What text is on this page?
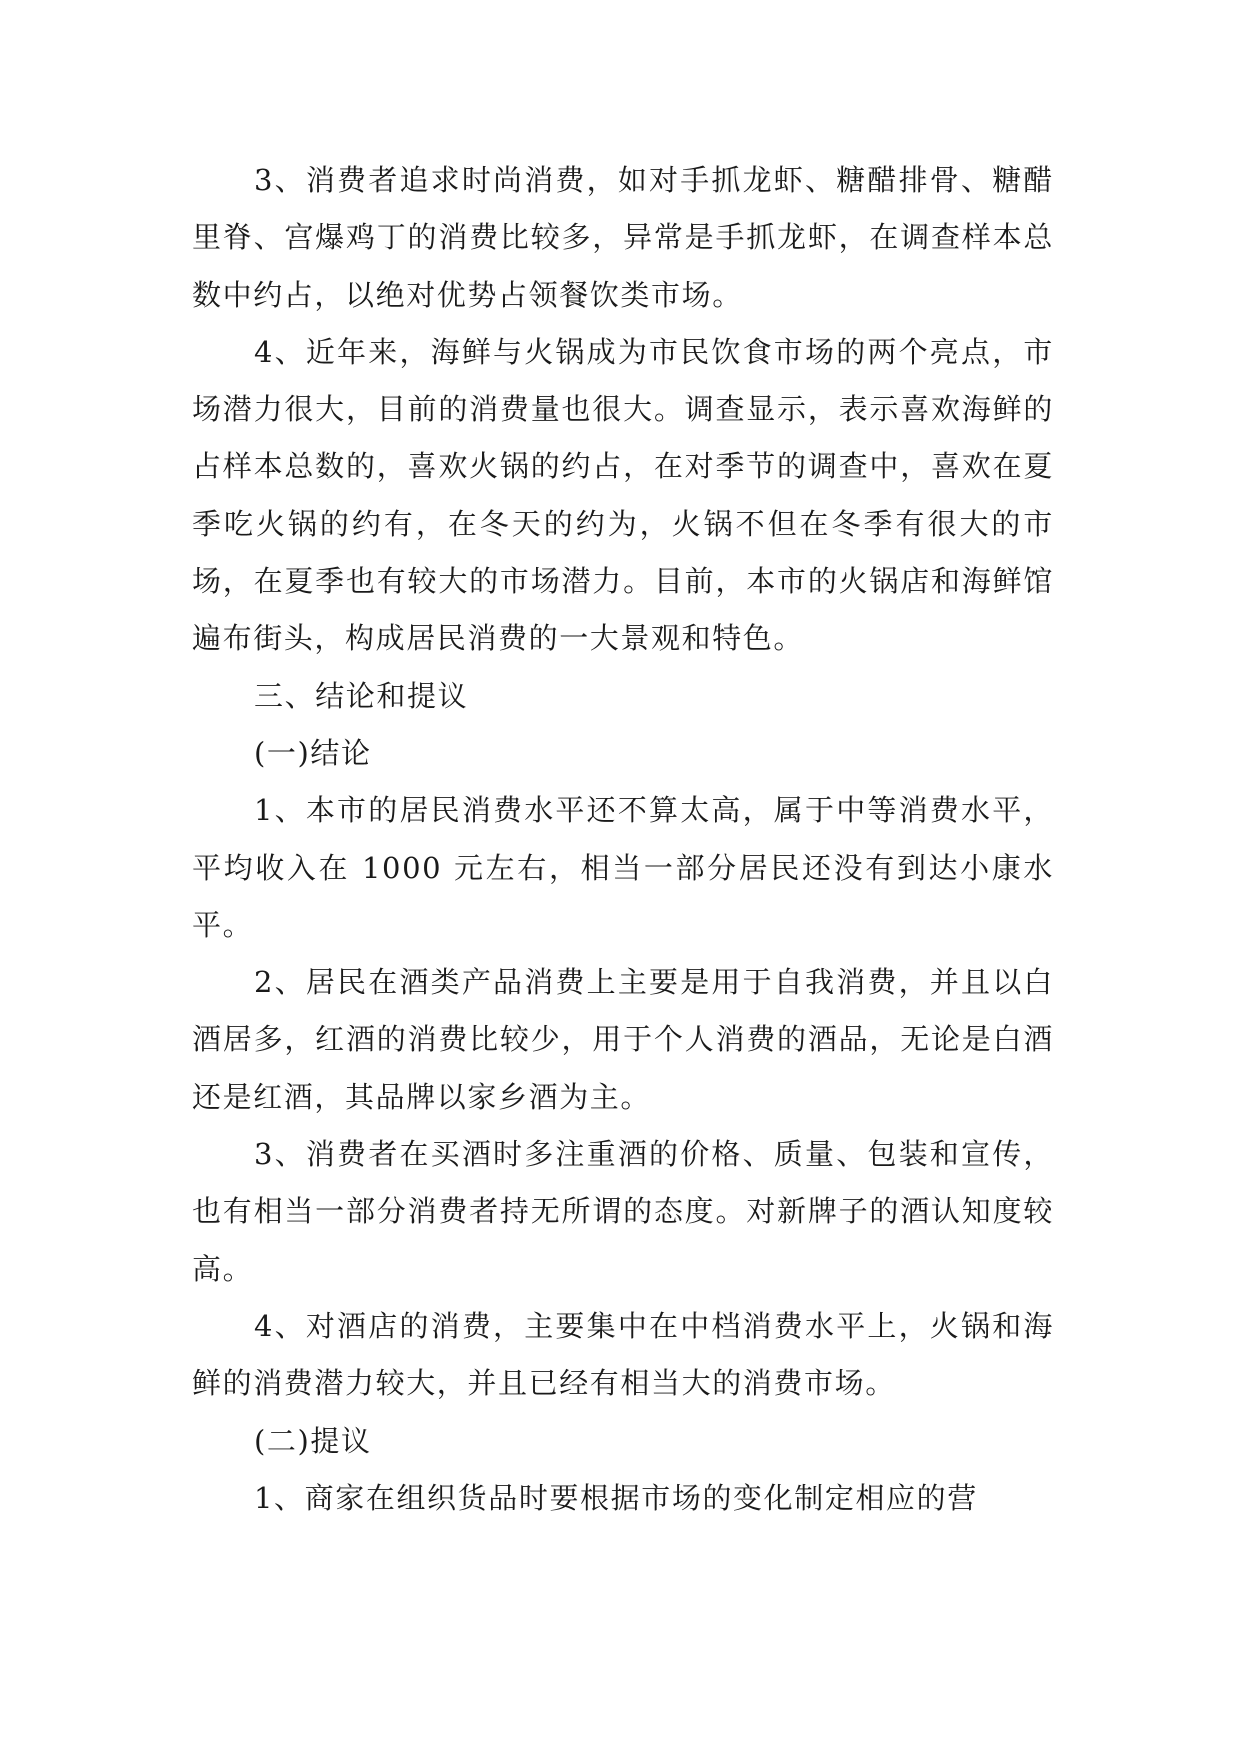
3、消费者追求时尚消费，如对手抓龙虾、糖醋排骨、糖醋里脊、宫爆鸡丁的消费比较多，异常是手抓龙虾，在调查样本总数中约占，以绝对优势占领餐饮类市场。

4、近年来，海鲜与火锅成为市民饮食市场的两个亮点，市场潜力很大，目前的消费量也很大。调查显示，表示喜欢海鲜的占样本总数的，喜欢火锅的约占，在对季节的调查中，喜欢在夏季吃火锅的约有，在冬天的约为，火锅不但在冬季有很大的市场，在夏季也有较大的市场潜力。目前，本市的火锅店和海鲜馆遍布街头，构成居民消费的一大景观和特色。

三、结论和提议

(一)结论

1、本市的居民消费水平还不算太高，属于中等消费水平，平均收入在 1000 元左右，相当一部分居民还没有到达小康水平。

2、居民在酒类产品消费上主要是用于自我消费，并且以白酒居多，红酒的消费比较少，用于个人消费的酒品，无论是白酒还是红酒，其品牌以家乡酒为主。

3、消费者在买酒时多注重酒的价格、质量、包装和宣传，也有相当一部分消费者持无所谓的态度。对新牌子的酒认知度较高。

4、对酒店的消费，主要集中在中档消费水平上，火锅和海鲜的消费潜力较大，并且已经有相当大的消费市场。

(二)提议

1、商家在组织货品时要根据市场的变化制定相应的营
